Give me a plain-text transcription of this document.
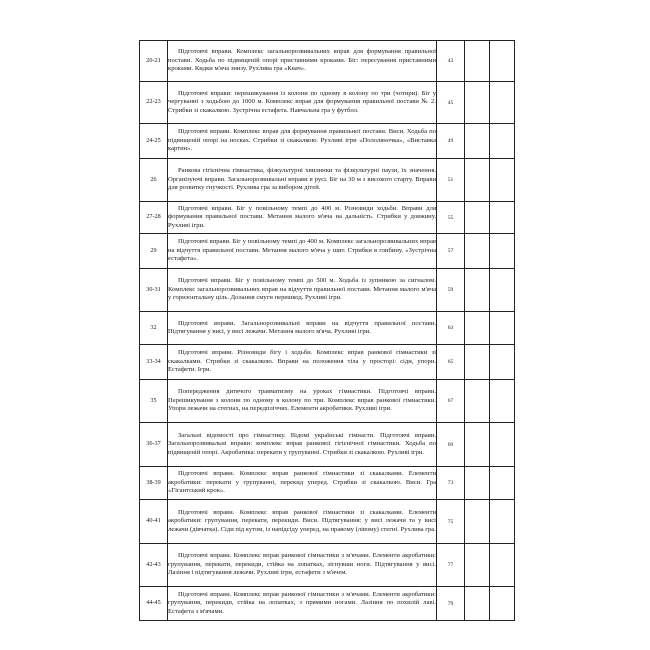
20-21	Підготовчі вправи. Комплекс загальнорозвивальних вправ для формування правильної постави. Ходьба по підвищеній опорі приставними кроками. Біг: пересування приставними кроками. Кидки м'яча знизу. Рухлива гра «Квач».	43		
22-23	Підготовчі вправи: перешикування із колони по одному в колону по три (чотири). Біг у чергуванні з ходьбою до 1000 м. Комплекс вправ для формування правильної постави № 2. Стрибки зі скакалкою. Зустрічна естафета. Навчальна гра у футбол.	45		
24-25	Підготовчі вправи. Комплекс вправ для формування правильної постави. Виси. Ходьба по підвищеній опорі на носках. Стрибки зі скакалкою. Рухливі ігри «Пололяночка», «Виставка картин».	49		
26	Ранкова гігієнічна гімнастика, фізкультурні хвилинки та фізкультурні паузи, їх значення. Організуючі вправи. Загальнорозвивальні вправи в русі. Біг на 30 м з високого старту. Вправи для розвитку гнучкості. Рухлива гра за вибором дітей.	51		
27-28	Підготовчі вправи. Біг у повільному темпі до 400 м. Різновиди ходьби. Вправи для формування правильної постави. Метання малого м'яча на дальність. Стрибки у довжину. Рухливі ігри.	55		
29	Підготовчі вправи. Біг у повільному темпі до 400 м. Комплекс загальнорозвивальних вправ на відчуття правильної постави. Метання малого м'яча у шит. Стрибки в глибину. «Зустрічна естафета».	57		
30-31	Підготовчі вправи. Біг у повільному темпі до 500 м. Ходьба із зупинкою за сигналом. Комплекс загальнорозвивальних вправ на відчуття правильної постави. Метання малого м'яча у горизонтальну ціль. Долання смуги перешкод. Рухливі ігри.	59		
32	Підготовчі вправи. Загальнорозвивальні вправи на відчуття правильної постави. Підтягування у висі, у висі лежачи. Метання малого м'яча. Рухливі ігри.	63		
33-34	Підготовчі вправи. Різновиди бігу і ходьби. Комплекс вправ ранкової гімнастики зі скакалками. Стрибки зі скакалкою. Вправи на положення тіла у просторі: сіди, упори. Естафети. Ігри.	65		
35	Попередження дитячого травматизму на уроках гімнастики. Підготовчі вправи. Перешикування з колони по одному в колону по три. Комплекс вправ ранкової гімнастики. Упори лежачи на стегнах, на передпліччях. Елементи акробатики. Рухливі ігри.	67		
36-37	Загальні відомості про гімнастику. Відомі українські гімнасти. Підготовчі вправи. Загальнорозвивальні вправи: комплекс вправ ранкової гігієнічної гімнастики. Ходьба по підвищеній опорі. Акробатика: перекати у групуванні. Стрибки зі скакалкою. Рухливі ігри.	69		
38-39	Підготовчі вправи. Комплекс вправ ранкової гімнастики зі скакалками. Елементи акробатики: перекати у групуванні, перекид уперед. Стрибки зі скакалкою. Виси. Гра «Гігантський крок».	73		
40-41	Підготовчі вправи. Комплекс вправ ранкової гімнастики зі скакалками. Елементи акробатики: групування, перекати, перекиди. Виси. Підтягування: у висі лежачи та у висі лежачи (дівчатка). Сіди під кутом, із напідсіду уперед, на правому (лівому) стегні. Рухлива гра.	75		
42-43	Підготовчі вправи. Комплекс вправ ранкової гімнастики з м'ячами. Елементи акробатики: групування, перекати, перекиди, стійка на лопатках, зігнувши ноги. Підтягування у висі. Лазіння і підтягування лежачи. Рухливі ігри, естафети з м'ячем.	77		
44-45	Підготовчі вправи. Комплекс вправ ранкової гімнастики з м'ячами. Елементи акробатики: групування, перекиди, стійка на лопатках, з прямими ногами. Лазіння по похилій лаві. Естафета з м'ячами.	79		
